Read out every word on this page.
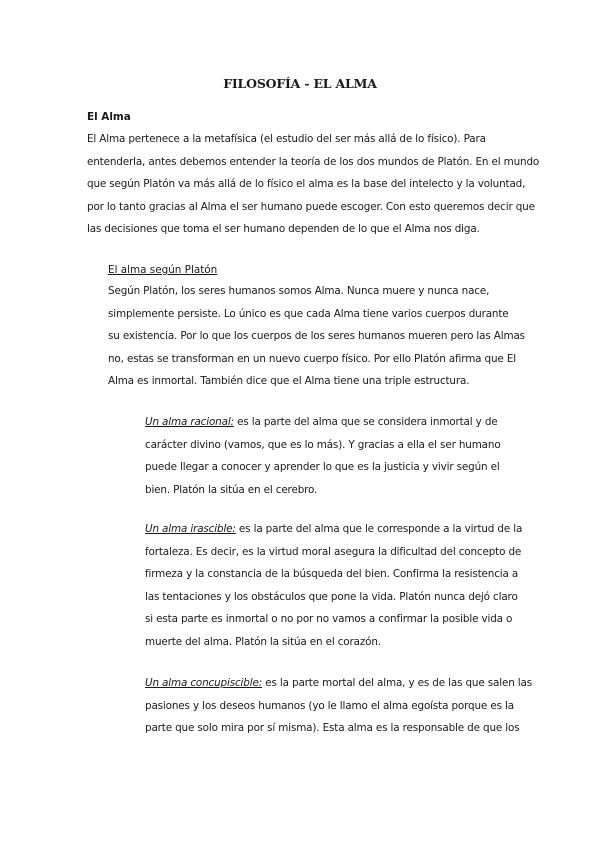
FILOSOFÍA - EL ALMA
El Alma
El Alma pertenece a la metafísica (el estudio del ser más allá de lo físico). Para
entenderla, antes debemos entender la teoría de los dos mundos de Platón. En el mundo
que según Platón va más allá de lo físico el alma es la base del intelecto y la voluntad,
por lo tanto gracias al Alma el ser humano puede escoger. Con esto queremos decir que
las decisiones que toma el ser humano dependen de lo que el Alma nos diga.
El alma según Platón
Según Platón, los seres humanos somos Alma. Nunca muere y nunca nace,
simplemente persiste. Lo único es que cada Alma tiene varios cuerpos durante
su existencia. Por lo que los cuerpos de los seres humanos mueren pero las Almas
no, estas se transforman en un nuevo cuerpo físico. Por ello Platón afirma que El
Alma es inmortal. También dice que el Alma tiene una triple estructura.
Un alma racional: es la parte del alma que se considera inmortal y de
carácter divino (vamos, que es lo más). Y gracias a ella el ser humano
puede llegar a conocer y aprender lo que es la justicia y vivir según el
bien. Platón la sitúa en el cerebro.
Un alma irascible: es la parte del alma que le corresponde a la virtud de la
fortaleza. Es decir, es la virtud moral asegura la dificultad del concepto de
firmeza y la constancia de la búsqueda del bien. Confirma la resistencia a
las tentaciones y los obstáculos que pone la vida. Platón nunca dejó claro
si esta parte es inmortal o no por no vamos a confirmar la posible vida o
muerte del alma. Platón la sitúa en el corazón.
Un alma concupiscible: es la parte mortal del alma, y es de las que salen las
pasiones y los deseos humanos (yo le llamo el alma egoísta porque es la
parte que solo mira por sí misma). Esta alma es la responsable de que los
